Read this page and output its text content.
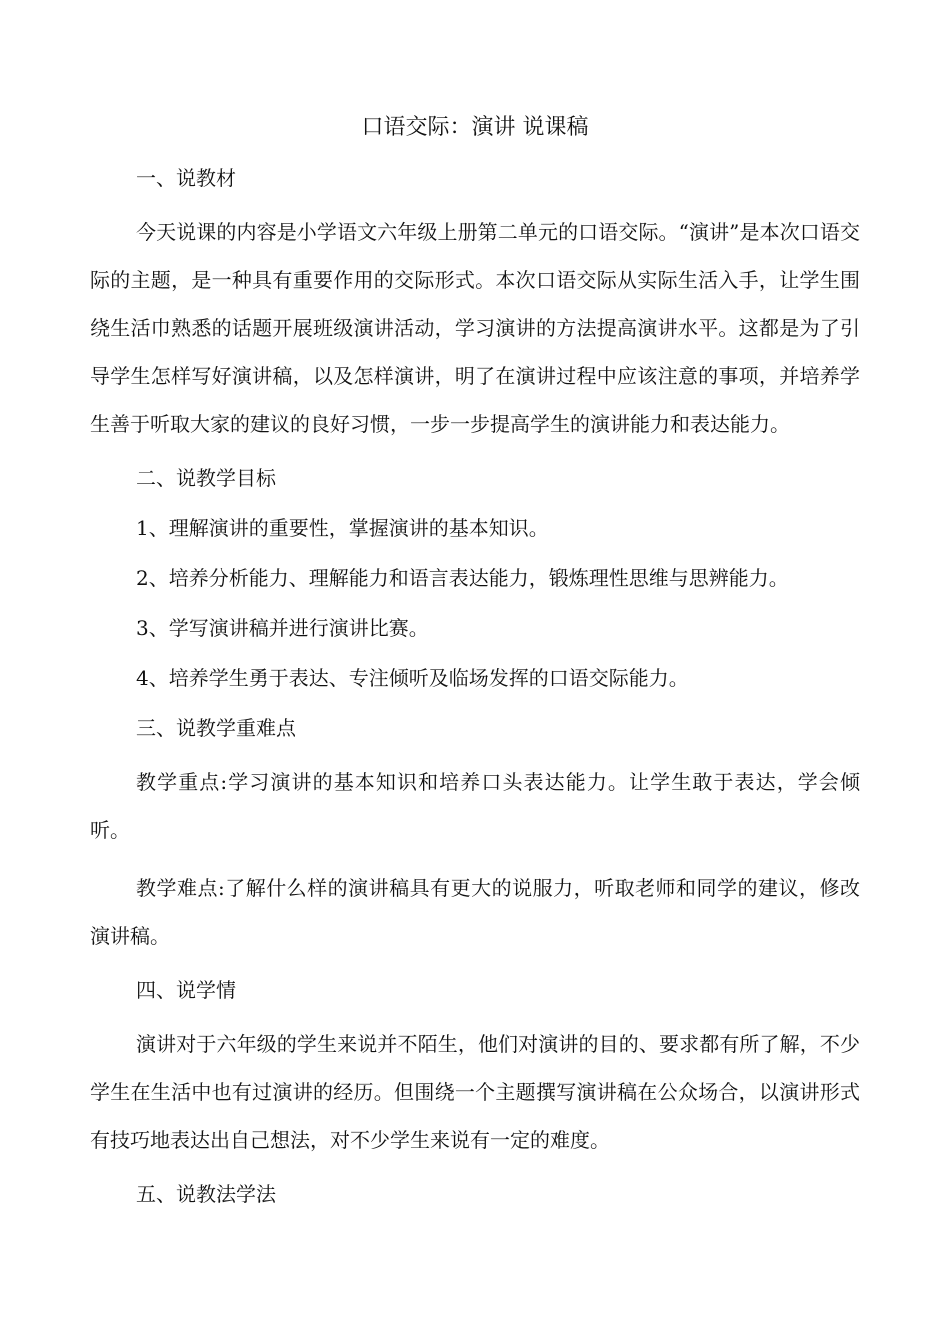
口语交际：演讲 说课稿
一、说教材

今天说课的内容是小学语文六年级上册第二单元的口语交际。“演讲”是本次口语交际的主题，是一种具有重要作用的交际形式。本次口语交际从实际生活入手，让学生围绕生活巾熟悉的话题开展班级演讲活动，学习演讲的方法提高演讲水平。这都是为了引导学生怎样写好演讲稿，以及怎样演讲，明了在演讲过程中应该注意的事项，并培养学生善于听取大家的建议的良好习惯，一步一步提高学生的演讲能力和表达能力。

二、说教学目标
1、理解演讲的重要性，掌握演讲的基本知识。
2、培养分析能力、理解能力和语言表达能力，锻炼理性思维与思辨能力。
3、学写演讲稿并进行演讲比赛。
4、培养学生勇于表达、专注倾听及临场发挥的口语交际能力。
三、说教学重难点

教学重点:学习演讲的基本知识和培养口头表达能力。让学生敢于表达，学会倾听。

教学难点:了解什么样的演讲稿具有更大的说服力，听取老师和同学的建议，修改演讲稿。

四、说学情

演讲对于六年级的学生来说并不陌生，他们对演讲的目的、要求都有所了解，不少学生在生活中也有过演讲的经历。但围绕一个主题撰写演讲稿在公众场合，以演讲形式有技巧地表达出自己想法，对不少学生来说有一定的难度。

五、说教法学法
